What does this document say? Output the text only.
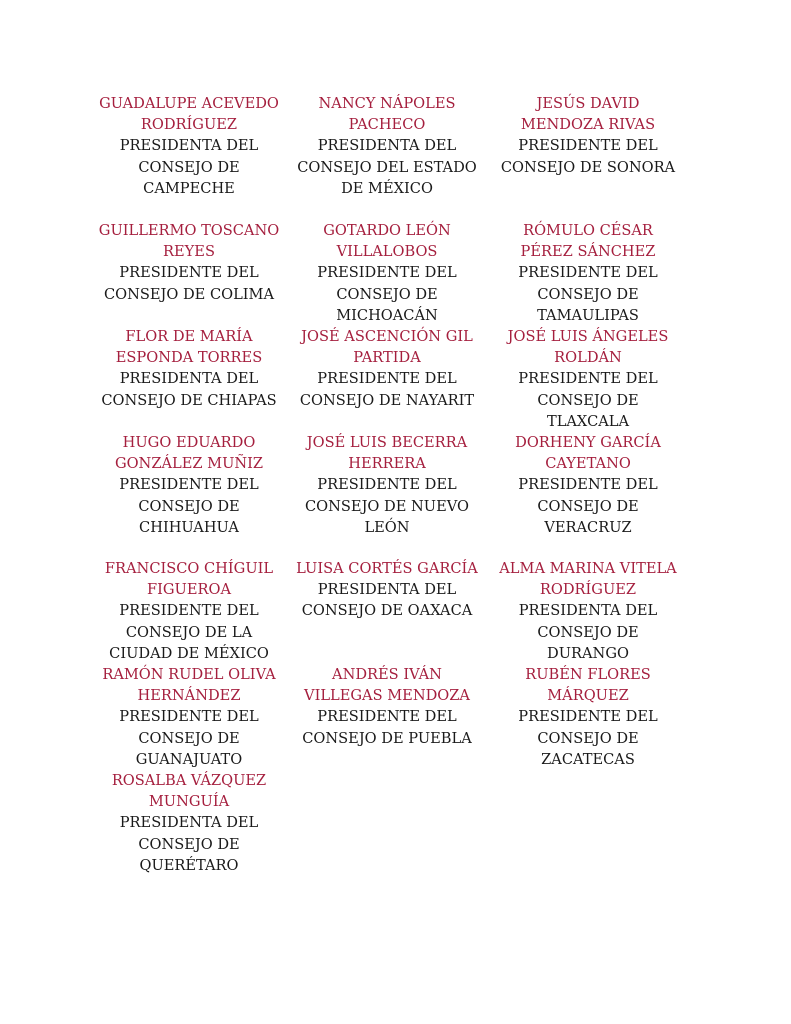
GUADALUPE ACEVEDO RODRÍGUEZ
PRESIDENTA DEL CONSEJO DE CAMPECHE
NANCY NÁPOLES PACHECO
PRESIDENTA DEL CONSEJO DEL ESTADO DE MÉXICO
JESÚS DAVID MENDOZA RIVAS
PRESIDENTE DEL CONSEJO DE SONORA
GUILLERMO TOSCANO REYES
PRESIDENTE DEL CONSEJO DE COLIMA
GOTARDO LEÓN VILLALOBOS
PRESIDENTE DEL CONSEJO DE MICHOACÁN
RÓMULO CÉSAR PÉREZ SÁNCHEZ
PRESIDENTE DEL CONSEJO DE TAMAULIPAS
FLOR DE MARÍA ESPONDA TORRES
PRESIDENTA DEL CONSEJO DE CHIAPAS
JOSÉ ASCENCIÓN GIL PARTIDA
PRESIDENTE DEL CONSEJO DE NAYARIT
JOSÉ LUIS ÁNGELES ROLDÁN
PRESIDENTE DEL CONSEJO DE TLAXCALA
HUGO EDUARDO GONZÁLEZ MUÑIZ
PRESIDENTE DEL CONSEJO DE CHIHUAHUA
JOSÉ LUIS BECERRA HERRERA
PRESIDENTE DEL CONSEJO DE NUEVO LEÓN
DORHENY GARCÍA CAYETANO
PRESIDENTE DEL CONSEJO DE VERACRUZ
FRANCISCO CHÍGUIL FIGUEROA
PRESIDENTE DEL CONSEJO DE LA CIUDAD DE MÉXICO
LUISA CORTÉS GARCÍA
PRESIDENTA DEL CONSEJO DE OAXACA
ALMA MARINA VITELA RODRÍGUEZ
PRESIDENTA DEL CONSEJO DE DURANGO
RAMÓN RUDEL OLIVA HERNÁNDEZ
PRESIDENTE DEL CONSEJO DE GUANAJUATO
ANDRÉS IVÁN VILLEGAS MENDOZA
PRESIDENTE DEL CONSEJO DE PUEBLA
RUBÉN FLORES MÁRQUEZ
PRESIDENTE DEL CONSEJO DE ZACATECAS
ROSALBA VÁZQUEZ MUNGUÍA
PRESIDENTA DEL CONSEJO DE QUERÉTARO
